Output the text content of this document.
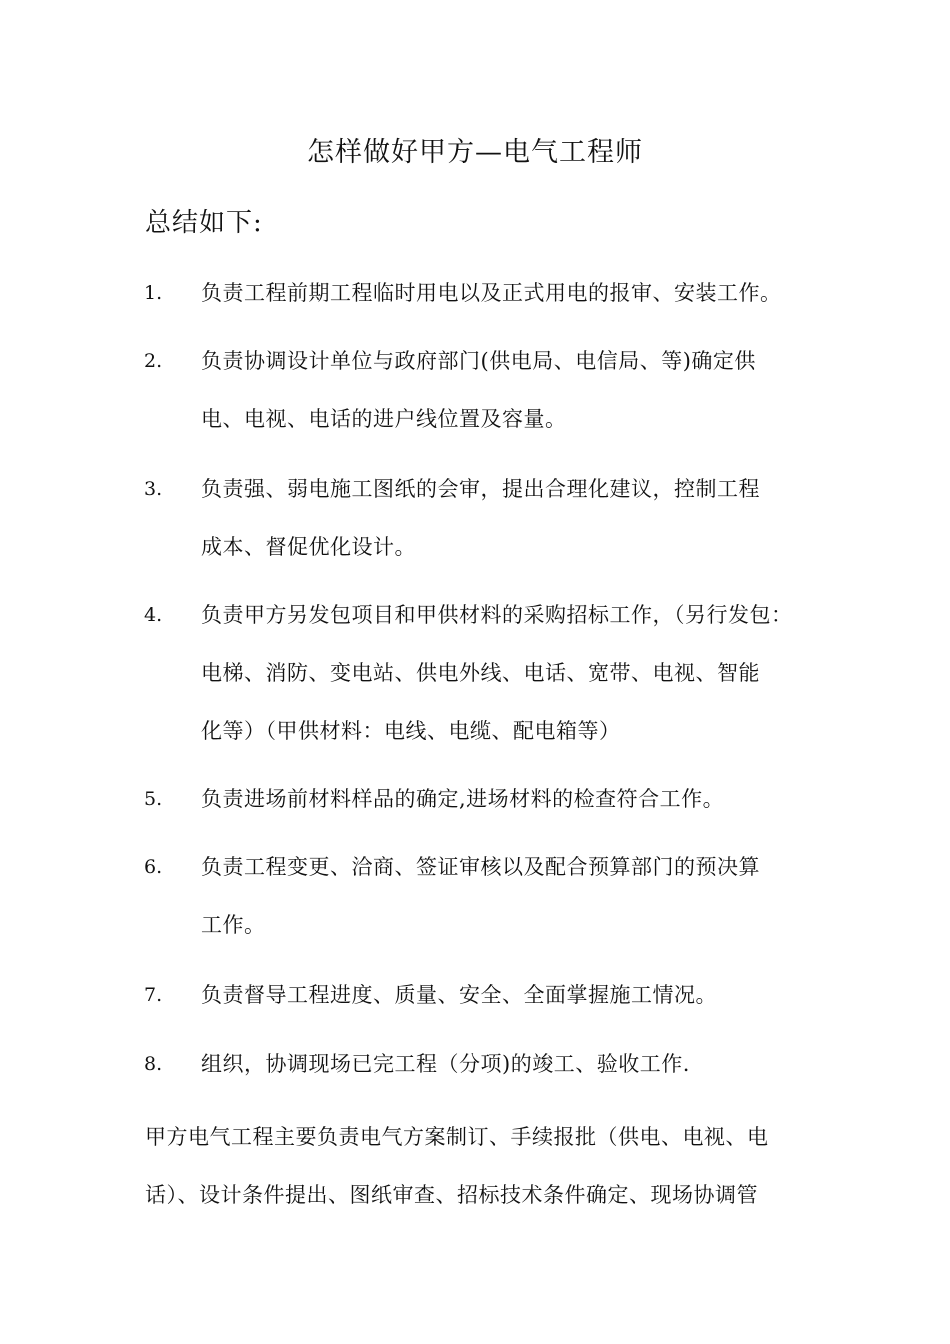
怎样做好甲方—电气工程师
总结如下:
1. 负责工程前期工程临时用电以及正式用电的报审、安装工作。
2. 负责协调设计单位与政府部门(供电局、电信局、等)确定供
电、电视、电话的进户线位置及容量。
3. 负责强、弱电施工图纸的会审，提出合理化建议，控制工程
成本、督促优化设计。
4. 负责甲方另发包项目和甲供材料的采购招标工作，（另行发包：
电梯、消防、变电站、供电外线、电话、宽带、电视、智能
化等）（甲供材料：电线、电缆、配电箱等）
5. 负责进场前材料样品的确定,进场材料的检查符合工作。
6. 负责工程变更、洽商、签证审核以及配合预算部门的预决算
工作。
7. 负责督导工程进度、质量、安全、全面掌握施工情况。
8. 组织，协调现场已完工程（分项)的竣工、验收工作.
甲方电气工程主要负责电气方案制订、手续报批（供电、电视、电
话）、设计条件提出、图纸审查、招标技术条件确定、现场协调管
